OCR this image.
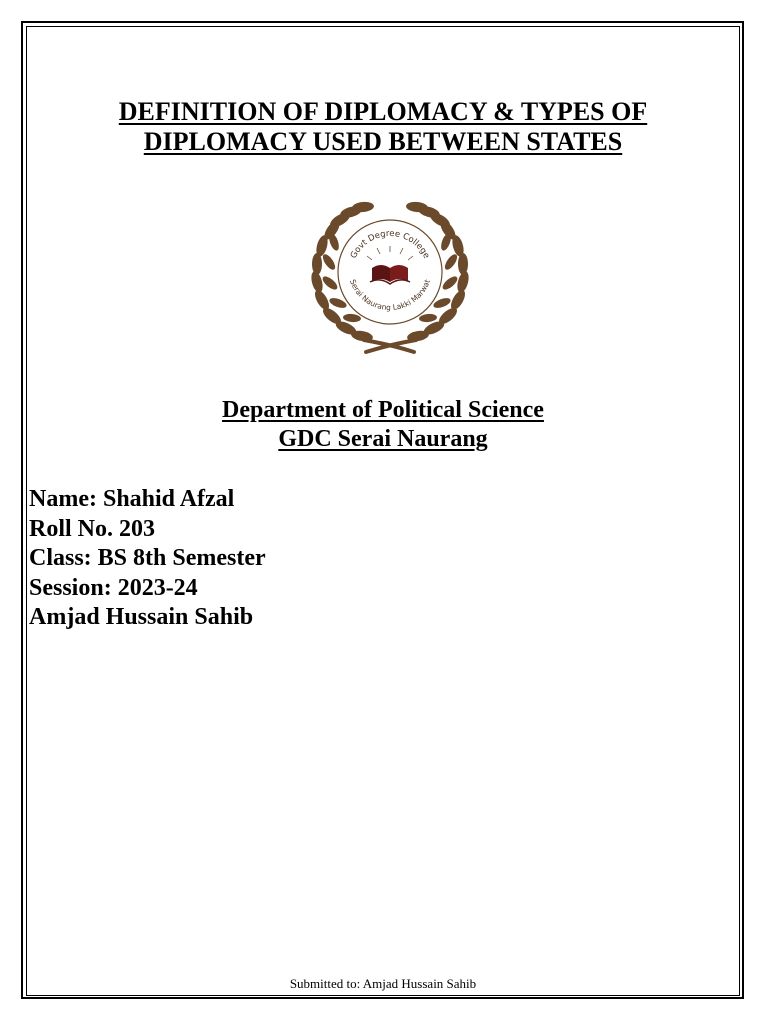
DEFINITION OF DIPLOMACY & TYPES OF
DIPLOMACY USED BETWEEN STATES
Govt Degree College
Serai Naurang Lakki Marwat
Department of Political Science
GDC Serai Naurang
Name: Shahid Afzal
Roll No. 203
Class: BS 8th Semester
Session: 2023-24
Amjad Hussain Sahib
Submitted to: Amjad Hussain Sahib
